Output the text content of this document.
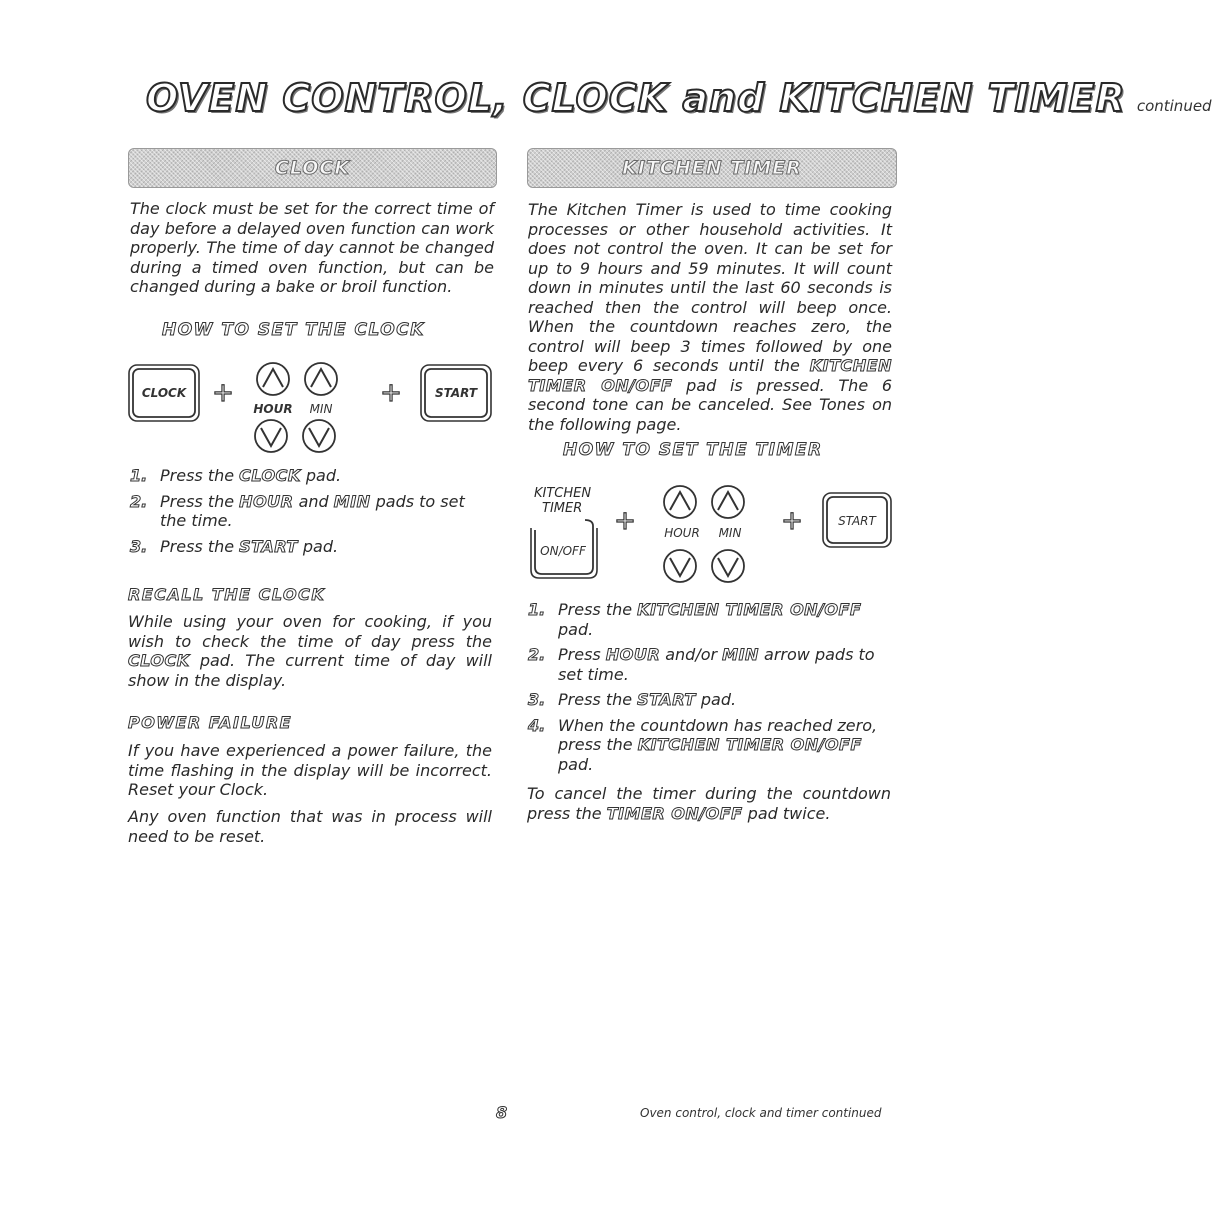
OVEN CONTROL, CLOCK and KITCHEN TIMER continued
CLOCK
The clock must be set for the correct time of day before a delayed oven function can work properly. The time of day cannot be changed during a timed oven function, but can be changed during a bake or broil function.
HOW TO SET THE CLOCK
CLOCK +
HOUR MIN
+	START
1. Press the CLOCK pad.
2. Press the HOUR and MIN pads to set the time.
3. Press the START pad.
RECALL THE CLOCK
While using your oven for cooking, if you wish to check the time of day press the CLOCK pad. The current time of day will show in the display.
POWER FAILURE
If you have experienced a power failure, the time flashing in the display will be incorrect. Reset your Clock.
Any oven function that was in process will need to be reset.
KITCHEN TIMER
The Kitchen Timer is used to time cooking processes or other household activities. It does not control the oven. It can be set for up to 9 hours and 59 minutes. It will count down in minutes until the last 60 seconds is reached then the control will beep once. When the countdown reaches zero, the control will beep 3 times followed by one beep every 6 seconds until the KITCHEN TIMER ON/OFF pad is pressed. The 6 second tone can be canceled. See Tones on the following page.
HOW TO SET THE TIMER
KITCHEN
TIMER
ON/OFF
+ HOUR MIN +	START
1. Press the KITCHEN TIMER ON/OFF pad.
2. Press HOUR and/or MIN arrow pads to set time.
3. Press the START pad.
4. When the countdown has reached zero, press the KITCHEN TIMER ON/OFF pad.
To cancel the timer during the countdown press the TIMER ON/OFF pad twice.
8	Oven control, clock and timer continued
